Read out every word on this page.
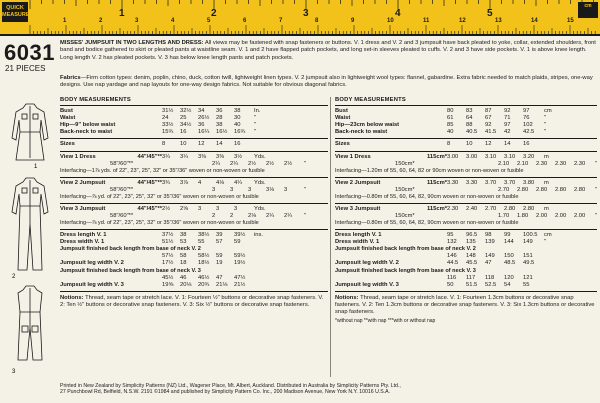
QUICK
MEASURE
cm
1	2	3	4	5	6
1	2	3	4	5	6	7	8	9	10	11	12	13	14	15
6031
21 PIECES
MISSES' JUMPSUIT IN TWO LENGTHS AND DRESS: All views may be fastened with snap fasteners or buttons. V. 1 dress and V. 2 and 3 jumpsuit have back pleated to yoke, collar, extended shoulders, front band and bodice gathered to skirt or pleated pants at waistline seam. V. 1 and 2 have flapped patch pockets, and long set-in sleeves pleated to cuffs. V. 2 and 3 have side pockets. V. 1 is above knee length. Long length V. 2 has pleated pockets. V. 3 has below knee length pants and patch pockets.
Fabrics—Firm cotton types: denim, poplin, chino, duck, cotton twill, lightweight linen types. V. 2 jumpsuit also in lightweight wool types: flannel, gabardine. Extra fabric needed to match plaids, stripes, one-way designs. Use nap yardage and nap layouts for one-way design fabrics. Not suitable for obvious diagonal fabrics.
1
2
3
BODY MEASUREMENTS
Bust	31½	32½	34	36	38	In.
Waist	24	25	26½	28	30	"
Hip—9" below waist	33½	34½	36	38	40	"
Back-neck to waist	15¾	16	16¼	16½	16¾	"
Sizes	8	10	12	14	16
View 1 Dress	44"/45"** 3¼	3¼	3⅜	3⅜	3½	Yds.
58"/60"**	2¼	2¼	2½	2½	2½	"
Interfacing—1⅞ yds. of 22", 23", 25", 32" or 35"/36" woven or non-woven or fusible
View 2 Jumpsuit	44"/45"** 3¾	3⅞	4	4⅛	4¼	Yds.
58"/60"**	3	3	3	3⅛	3	"
Interfacing—⅞ yd. of 22", 23", 25", 32" or 35"/36" woven or non-woven or fusible
View 3 Jumpsuit	44"/45"** 2½	2⅝	3	3	3	Yds.
58"/60"**	2	2	2⅛	2¼	2¼	"
Interfacing—⅞ yd. of 22", 23", 25", 32" or 35"/36" woven or non-woven or fusible
Dress length V. 1	37½	38	38½	39	39½	ins.
Dress width V. 1	51½	53	55	57	59
Jumpsuit finished back length from base of neck V. 2
57½	58	58½	59	59½
Jumpsuit leg width V. 2	17½	18	18½	19	19½
Jumpsuit finished back length from base of neck V. 3
45½	46	46½	47	47½
Jumpsuit leg width V. 3	19⅝	20⅛	20¾	21⅛	21½
Notions: Thread, seam tape or stretch lace. V. 1: Fourteen ½" buttons or decorative snap fasteners. V. 2: Ten ½" buttons or decorative snap fasteners. V. 3: Six ½" buttons or decorative snap fasteners.
BODY MEASUREMENTS
Bust	80	83	87	92	97	cm
Waist	61	64	67	71	76	"
Hip—23cm below waist	85	88	92	97	102	"
Back-neck to waist	40	40.5	41.5	42	42.5	"
Sizes	8	10	12	14	16
View 1 Dress	115cm* 3.00	3.00	3.10	3.10	3.20	m
150cm*	2.10	2.10	2.30	2.30	2.30	"
Interfacing—1.20m of 55, 60, 64, 82 or 90cm woven or non-woven or fusible
View 2 Jumpsuit	115cm* 3.30	3.30	3.70	3.70	3.80	m
150cm*	2.70	2.80	2.80	2.80	2.80	"
Interfacing—0.80m of 55, 60, 64, 82, 90cm woven or non-woven or fusible
View 3 Jumpsuit	115cm* 2.30	2.40	2.70	2.80	2.80	m
150cm*	1.70	1.80	2.00	2.00	2.00	"
Interfacing—0.80m of 55, 60, 64, 82, 90cm woven or non-woven or fusible
Dress length V. 1	95	96.5	98	99	100.5	cm
Dress width V. 1	132	135	139	144	149	"
Jumpsuit finished back length from base of neck V. 2
146	148	149	150	151
Jumpsuit leg width V. 2	44.5	45.5	47	48.5	49.5
Jumpsuit finished back length from base of neck V. 3
116	117	118	120	121
Jumpsuit leg width V. 3	50	51.5	52.5	54	55
Notions: Thread, seam tape or stretch lace. V. 1: Fourteen 1.3cm buttons or decorative snap fasteners. V. 2: Ten 1.3cm buttons or decorative snap fasteners. V. 3: Six 1.3cm buttons or decorative snap fasteners.
*without nap **with nap ***with or without nap
Printed in New Zealand by Simplicity Patterns (NZ) Ltd., Wagener Place, Mt. Albert, Auckland. Distributed in Australia by Simplicity Patterns Pty. Ltd.,
27 Punchbowl Rd, Belfield, N.S.W. 2191 ©1984 and published by Simplicity Pattern Co. Inc., 200 Madison Avenue, New York N.Y. 10016 U.S.A.
